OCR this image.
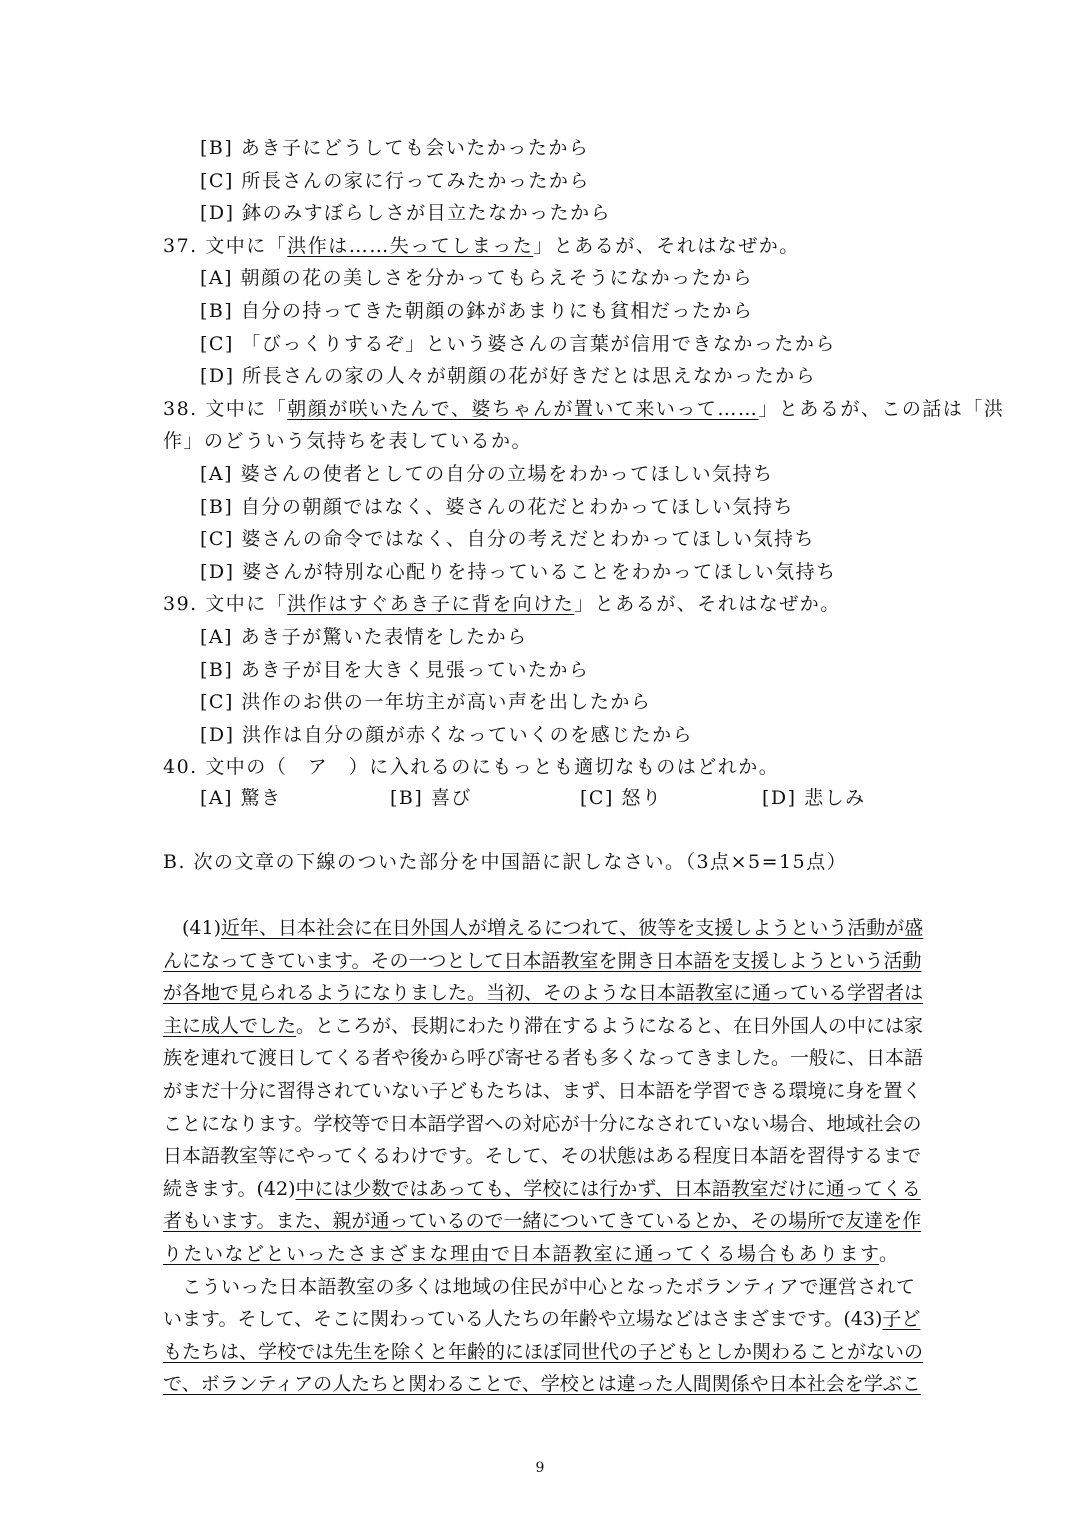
[B] あき子にどうしても会いたかったから
[C] 所長さんの家に行ってみたかったから
[D] 鉢のみすぼらしさが目立たなかったから
37. 文中に「洪作は……失ってしまった」とあるが、それはなぜか。
[A] 朝顔の花の美しさを分かってもらえそうになかったから
[B] 自分の持ってきた朝顔の鉢があまりにも貧相だったから
[C] 「びっくりするぞ」という婆さんの言葉が信用できなかったから
[D] 所長さんの家の人々が朝顔の花が好きだとは思えなかったから
38. 文中に「朝顔が咲いたんで、婆ちゃんが置いて来いって……」とあるが、この話は「洪
作」のどういう気持ちを表しているか。
[A] 婆さんの使者としての自分の立場をわかってほしい気持ち
[B] 自分の朝顔ではなく、婆さんの花だとわかってほしい気持ち
[C] 婆さんの命令ではなく、自分の考えだとわかってほしい気持ち
[D] 婆さんが特別な心配りを持っていることをわかってほしい気持ち
39. 文中に「洪作はすぐあき子に背を向けた」とあるが、それはなぜか。
[A] あき子が驚いた表情をしたから
[B] あき子が目を大きく見張っていたから
[C] 洪作のお供の一年坊主が高い声を出したから
[D] 洪作は自分の顔が赤くなっていくのを感じたから
40. 文中の（　ア　）に入れるのにもっとも適切なものはどれか。
[A] 驚き	[B] 喜び	[C] 怒り	[D] 悲しみ
B. 次の文章の下線のついた部分を中国語に訳しなさい。（3点×5=15点）
　(41)近年、日本社会に在日外国人が増えるにつれて、彼等を支援しようという活動が盛
んになってきています。その一つとして日本語教室を開き日本語を支援しようという活動
が各地で見られるようになりました。当初、そのような日本語教室に通っている学習者は
主に成人でした。ところが、長期にわたり滞在するようになると、在日外国人の中には家
族を連れて渡日してくる者や後から呼び寄せる者も多くなってきました。一般に、日本語
がまだ十分に習得されていない子どもたちは、まず、日本語を学習できる環境に身を置く
ことになります。学校等で日本語学習への対応が十分になされていない場合、地域社会の
日本語教室等にやってくるわけです。そして、その状態はある程度日本語を習得するまで
続きます。(42)中には少数ではあっても、学校には行かず、日本語教室だけに通ってくる
者もいます。また、親が通っているので一緒についてきているとか、その場所で友達を作
りたいなどといったさまざまな理由で日本語教室に通ってくる場合もあります。
　こういった日本語教室の多くは地域の住民が中心となったボランティアで運営されて
います。そして、そこに関わっている人たちの年齢や立場などはさまざまです。(43)子ど
もたちは、学校では先生を除くと年齢的にほぼ同世代の子どもとしか関わることがないの
で、ボランティアの人たちと関わることで、学校とは違った人間関係や日本社会を学ぶこ
9
